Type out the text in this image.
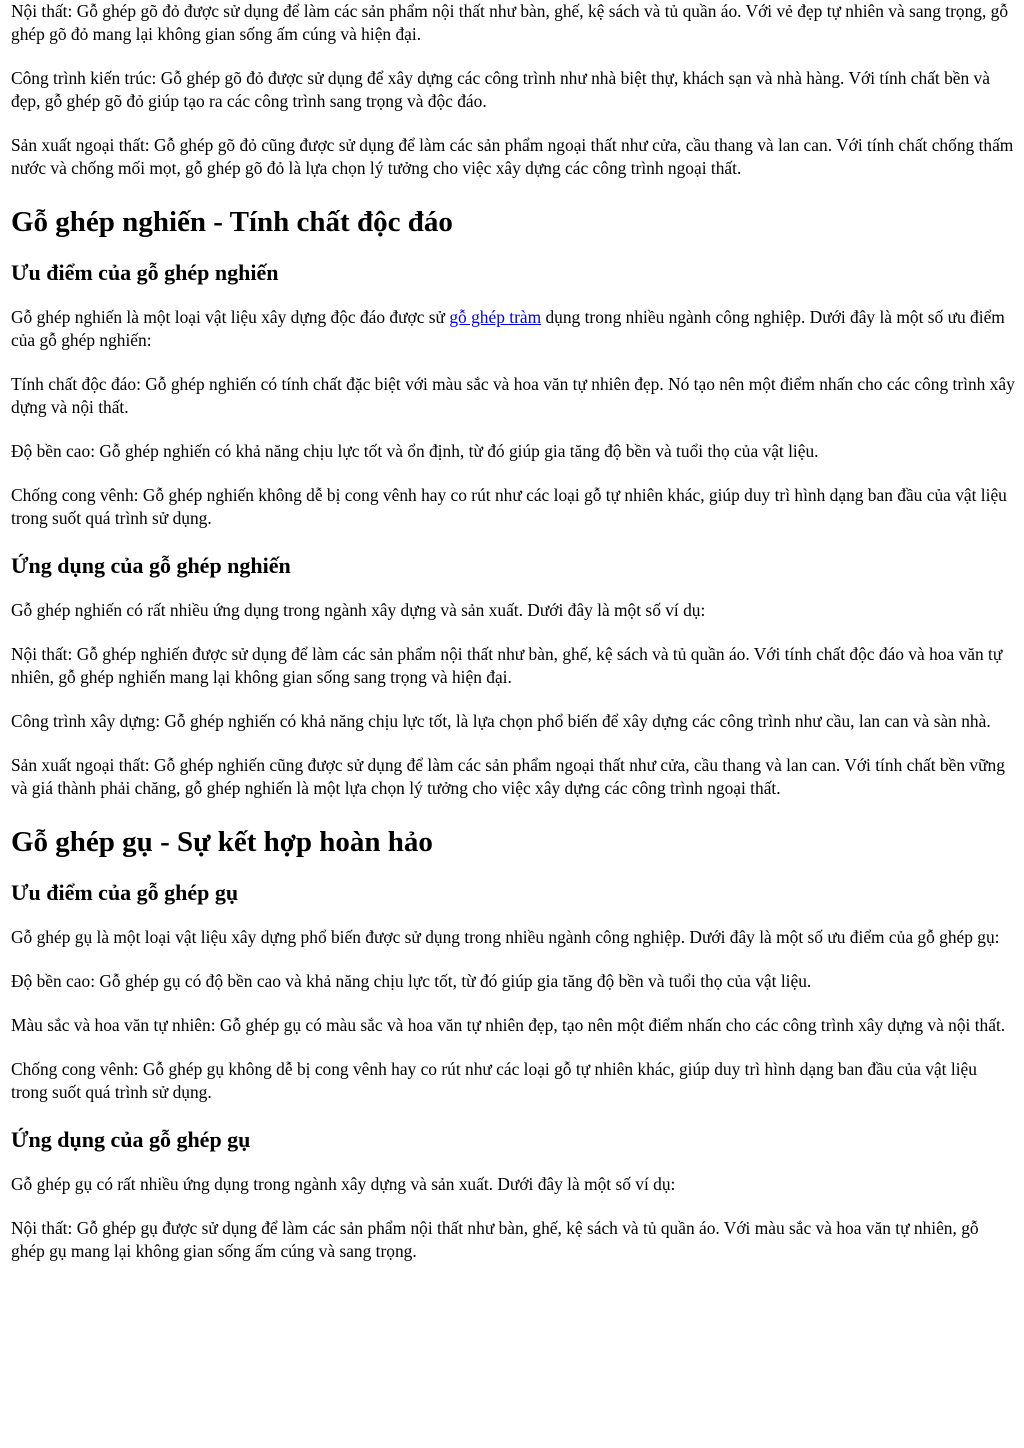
Nội thất: Gỗ ghép gõ đỏ được sử dụng để làm các sản phẩm nội thất như bàn, ghế, kệ sách và tủ quần áo. Với vẻ đẹp tự nhiên và sang trọng, gỗ ghép gõ đỏ mang lại không gian sống ấm cúng và hiện đại.

Công trình kiến trúc: Gỗ ghép gõ đỏ được sử dụng để xây dựng các công trình như nhà biệt thự, khách sạn và nhà hàng. Với tính chất bền và đẹp, gỗ ghép gõ đỏ giúp tạo ra các công trình sang trọng và độc đáo.

Sản xuất ngoại thất: Gỗ ghép gõ đỏ cũng được sử dụng để làm các sản phẩm ngoại thất như cửa, cầu thang và lan can. Với tính chất chống thấm nước và chống mối mọt, gỗ ghép gõ đỏ là lựa chọn lý tưởng cho việc xây dựng các công trình ngoại thất.

Gỗ ghép nghiến - Tính chất độc đáo
Ưu điểm của gỗ ghép nghiến

Gỗ ghép nghiến là một loại vật liệu xây dựng độc đáo được sử gỗ ghép tràm dụng trong nhiều ngành công nghiệp. Dưới đây là một số ưu điểm của gỗ ghép nghiến:

Tính chất độc đáo: Gỗ ghép nghiến có tính chất đặc biệt với màu sắc và hoa văn tự nhiên đẹp. Nó tạo nên một điểm nhấn cho các công trình xây dựng và nội thất.

Độ bền cao: Gỗ ghép nghiến có khả năng chịu lực tốt và ổn định, từ đó giúp gia tăng độ bền và tuổi thọ của vật liệu.

Chống cong vênh: Gỗ ghép nghiến không dễ bị cong vênh hay co rút như các loại gỗ tự nhiên khác, giúp duy trì hình dạng ban đầu của vật liệu trong suốt quá trình sử dụng.

Ứng dụng của gỗ ghép nghiến

Gỗ ghép nghiến có rất nhiều ứng dụng trong ngành xây dựng và sản xuất. Dưới đây là một số ví dụ:

Nội thất: Gỗ ghép nghiến được sử dụng để làm các sản phẩm nội thất như bàn, ghế, kệ sách và tủ quần áo. Với tính chất độc đáo và hoa văn tự nhiên, gỗ ghép nghiến mang lại không gian sống sang trọng và hiện đại.

Công trình xây dựng: Gỗ ghép nghiến có khả năng chịu lực tốt, là lựa chọn phổ biến để xây dựng các công trình như cầu, lan can và sàn nhà.

Sản xuất ngoại thất: Gỗ ghép nghiến cũng được sử dụng để làm các sản phẩm ngoại thất như cửa, cầu thang và lan can. Với tính chất bền vững và giá thành phải chăng, gỗ ghép nghiến là một lựa chọn lý tưởng cho việc xây dựng các công trình ngoại thất.

Gỗ ghép gụ - Sự kết hợp hoàn hảo
Ưu điểm của gỗ ghép gụ

Gỗ ghép gụ là một loại vật liệu xây dựng phổ biến được sử dụng trong nhiều ngành công nghiệp. Dưới đây là một số ưu điểm của gỗ ghép gụ:

Độ bền cao: Gỗ ghép gụ có độ bền cao và khả năng chịu lực tốt, từ đó giúp gia tăng độ bền và tuổi thọ của vật liệu.

Màu sắc và hoa văn tự nhiên: Gỗ ghép gụ có màu sắc và hoa văn tự nhiên đẹp, tạo nên một điểm nhấn cho các công trình xây dựng và nội thất.

Chống cong vênh: Gỗ ghép gụ không dễ bị cong vênh hay co rút như các loại gỗ tự nhiên khác, giúp duy trì hình dạng ban đầu của vật liệu trong suốt quá trình sử dụng.

Ứng dụng của gỗ ghép gụ

Gỗ ghép gụ có rất nhiều ứng dụng trong ngành xây dựng và sản xuất. Dưới đây là một số ví dụ:

Nội thất: Gỗ ghép gụ được sử dụng để làm các sản phẩm nội thất như bàn, ghế, kệ sách và tủ quần áo. Với màu sắc và hoa văn tự nhiên, gỗ ghép gụ mang lại không gian sống ấm cúng và sang trọng.
